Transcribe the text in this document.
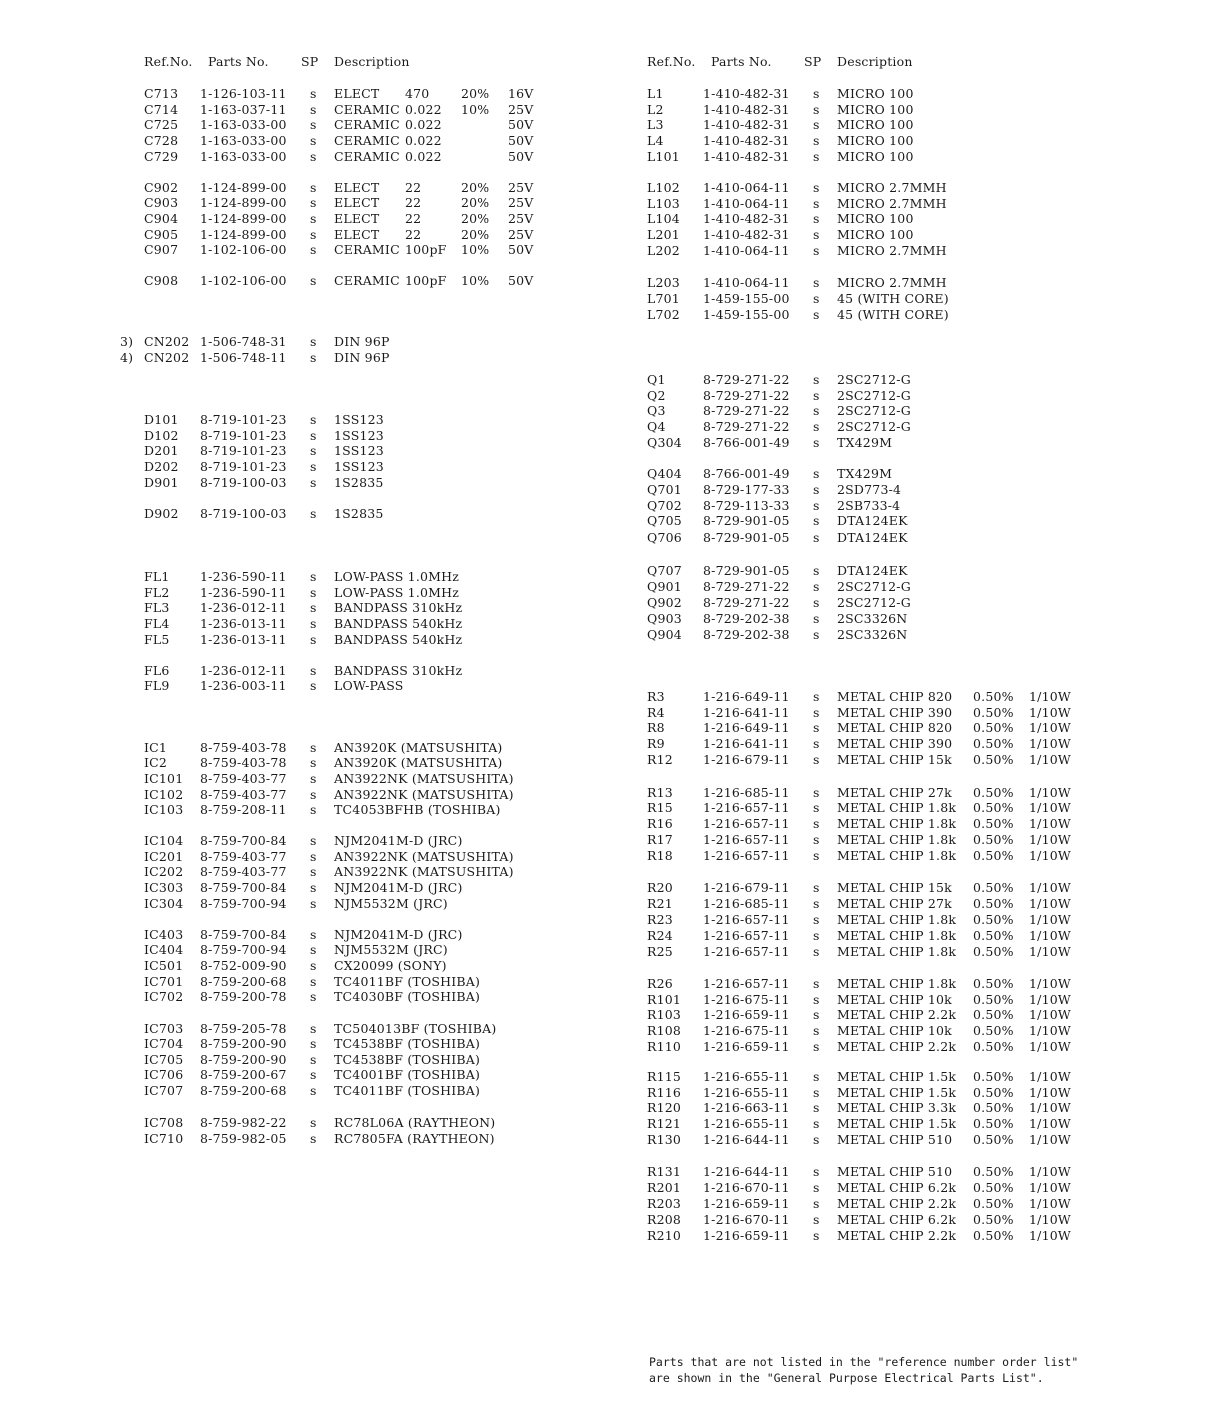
Ref.No. Parts No.	SP Description
C713 1-126-103-11 s ELECT 470	20% 16V
C714 1-163-037-11 s CERAMIC 0.022 10% 25V
C725 1-163-033-00 s CERAMIC 0.022	50V
C728 1-163-033-00 s CERAMIC 0.022	50V
C729 1-163-033-00 s CERAMIC 0.022	50V
C902 1-124-899-00 s ELECT 22	20% 25V
C903 1-124-899-00 s ELECT 22	20% 25V
C904 1-124-899-00 s ELECT 22	20% 25V
C905 1-124-899-00 s ELECT 22	20% 25V
C907 1-102-106-00 s CERAMIC 100pF 10% 50V
C908 1-102-106-00 s CERAMIC 100pF 10% 50V
3) CN202 1-506-748-31 s DIN 96P
4) CN202 1-506-748-11 s DIN 96P
D101 8-719-101-23 s 1SS123
D102 8-719-101-23 s 1SS123
D201 8-719-101-23 s 1SS123
D202 8-719-101-23 s 1SS123
D901 8-719-100-03 s 1S2835
D902 8-719-100-03 s 1S2835
FL1 1-236-590-11 s LOW-PASS 1.0MHz
FL2 1-236-590-11 s LOW-PASS 1.0MHz
FL3 1-236-012-11 s BANDPASS 310kHz
FL4 1-236-013-11 s BANDPASS 540kHz
FL5 1-236-013-11 s BANDPASS 540kHz
FL6 1-236-012-11 s BANDPASS 310kHz
FL9 1-236-003-11 s LOW-PASS
IC1	8-759-403-78 s AN3920K (MATSUSHITA)
IC2	8-759-403-78 s AN3920K (MATSUSHITA)
IC101 8-759-403-77 s AN3922NK (MATSUSHITA)
IC102 8-759-403-77 s AN3922NK (MATSUSHITA)
IC103 8-759-208-11 s TC4053BFHB (TOSHIBA)
IC104 8-759-700-84 s NJM2041M-D (JRC)
IC201 8-759-403-77 s AN3922NK (MATSUSHITA)
IC202 8-759-403-77 s AN3922NK (MATSUSHITA)
IC303 8-759-700-84 s NJM2041M-D (JRC)
IC304 8-759-700-94 s NJM5532M (JRC)
IC403 8-759-700-84 s NJM2041M-D (JRC)
IC404 8-759-700-94 s NJM5532M (JRC)
IC501 8-752-009-90 s CX20099 (SONY)
IC701 8-759-200-68 s TC4011BF (TOSHIBA)
IC702 8-759-200-78 s TC4030BF (TOSHIBA)
IC703 8-759-205-78 s TC504013BF (TOSHIBA)
IC704 8-759-200-90 s TC4538BF (TOSHIBA)
IC705 8-759-200-90 s TC4538BF (TOSHIBA)
IC706 8-759-200-67 s TC4001BF (TOSHIBA)
IC707 8-759-200-68 s TC4011BF (TOSHIBA)
IC708 8-759-982-22 s RC78L06A (RAYTHEON)
IC710 8-759-982-05 s RC7805FA (RAYTHEON)
Ref.No. Parts No.	SP Description
L1	1-410-482-31 s MICRO 100
L2	1-410-482-31 s MICRO 100
L3	1-410-482-31 s MICRO 100
L4	1-410-482-31 s MICRO 100
L101 1-410-482-31 s MICRO 100
L102 1-410-064-11 s MICRO 2.7MMH
L103 1-410-064-11 s MICRO 2.7MMH
L104 1-410-482-31 s MICRO 100
L201 1-410-482-31 s MICRO 100
L202 1-410-064-11 s MICRO 2.7MMH
L203 1-410-064-11 s MICRO 2.7MMH
L701 1-459-155-00 s 45 (WITH CORE)
L702 1-459-155-00 s 45 (WITH CORE)
Q1	8-729-271-22 s 2SC2712-G
Q2	8-729-271-22 s 2SC2712-G
Q3	8-729-271-22 s 2SC2712-G
Q4	8-729-271-22 s 2SC2712-G
Q304 8-766-001-49 s TX429M
Q404 8-766-001-49 s TX429M
Q701 8-729-177-33 s 2SD773-4
Q702 8-729-113-33 s 2SB733-4
Q705 8-729-901-05 s DTA124EK
Q706 8-729-901-05 s DTA124EK
Q707 8-729-901-05 s DTA124EK
Q901 8-729-271-22 s 2SC2712-G
Q902 8-729-271-22 s 2SC2712-G
Q903 8-729-202-38 s 2SC3326N
Q904 8-729-202-38 s 2SC3326N
R3	1-216-649-11 s METAL CHIP 820 0.50% 1/10W
R4	1-216-641-11 s METAL CHIP 390 0.50% 1/10W
R8	1-216-649-11 s METAL CHIP 820 0.50% 1/10W
R9	1-216-641-11 s METAL CHIP 390 0.50% 1/10W
R12 1-216-679-11 s METAL CHIP 15k 0.50% 1/10W
R13 1-216-685-11 s METAL CHIP 27k 0.50% 1/10W
R15 1-216-657-11 s METAL CHIP 1.8k 0.50% 1/10W
R16 1-216-657-11 s METAL CHIP 1.8k 0.50% 1/10W
R17 1-216-657-11 s METAL CHIP 1.8k 0.50% 1/10W
R18 1-216-657-11 s METAL CHIP 1.8k 0.50% 1/10W
R20 1-216-679-11 s METAL CHIP 15k 0.50% 1/10W
R21 1-216-685-11 s METAL CHIP 27k 0.50% 1/10W
R23 1-216-657-11 s METAL CHIP 1.8k 0.50% 1/10W
R24 1-216-657-11 s METAL CHIP 1.8k 0.50% 1/10W
R25 1-216-657-11 s METAL CHIP 1.8k 0.50% 1/10W
R26 1-216-657-11 s METAL CHIP 1.8k 0.50% 1/10W
R101 1-216-675-11 s METAL CHIP 10k 0.50% 1/10W
R103 1-216-659-11 s METAL CHIP 2.2k 0.50% 1/10W
R108 1-216-675-11 s METAL CHIP 10k 0.50% 1/10W
R110 1-216-659-11 s METAL CHIP 2.2k 0.50% 1/10W
R115 1-216-655-11 s METAL CHIP 1.5k 0.50% 1/10W
R116 1-216-655-11 s METAL CHIP 1.5k 0.50% 1/10W
R120 1-216-663-11 s METAL CHIP 3.3k 0.50% 1/10W
R121 1-216-655-11 s METAL CHIP 1.5k 0.50% 1/10W
R130 1-216-644-11 s METAL CHIP 510 0.50% 1/10W
R131 1-216-644-11 s METAL CHIP 510 0.50% 1/10W
R201 1-216-670-11 s METAL CHIP 6.2k 0.50% 1/10W
R203 1-216-659-11 s METAL CHIP 2.2k 0.50% 1/10W
R208 1-216-670-11 s METAL CHIP 6.2k 0.50% 1/10W
R210 1-216-659-11 s METAL CHIP 2.2k 0.50% 1/10W
Parts that are not listed in the "reference number order list"
are shown in the "General Purpose Electrical Parts List".
